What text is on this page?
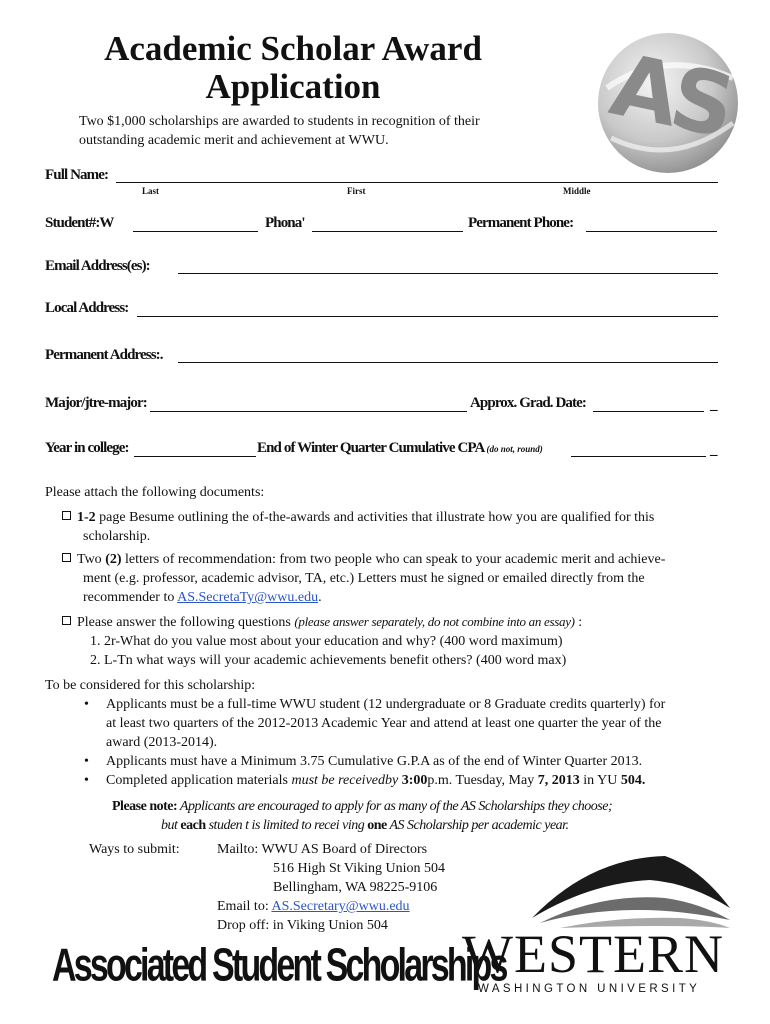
Academic Scholar Award
Application	AS
Two $1,000 scholarships are awarded to students in recognition of their
outstanding academic merit and achievement at WWU.
Full Name:
Last	First	Middle
Student#:W	Phona'	Permanent Phone:
Email Address(es):
Local Address:
Permanent Address:.
Major/jtre-major:	Approx. Grad. Date:	_
Year in college:	End of Winter Quarter Cumulative CPA (do not, round)	_
Please attach the following documents:
1-2 page Besume outlining the of-the-awards and activities that illustrate how you are qualified for this
scholarship.
Two (2) letters of recommendation: from two people who can speak to your academic merit and achieve-
ment (e.g. professor, academic advisor, TA, etc.) Letters must he signed or emailed directly from the
recommender to AS.SecretaTy@wwu.edu.
Please answer the following questions (please answer separately, do not combine into an essay) :
1. 2r-What do you value most about your education and why? (400 word maximum)
2. L-Tn what ways will your academic achievements benefit others? (400 word max)
To be considered for this scholarship:
• Applicants must be a full-time WWU student (12 undergraduate or 8 Graduate credits quarterly) for
at least two quarters of the 2012-2013 Academic Year and attend at least one quarter the year of the
award (2013-2014).
• Applicants must have a Minimum 3.75 Cumulative G.P.A as of the end of Winter Quarter 2013.
• Completed application materials must be receivedby 3:00p.m. Tuesday, May 7, 2013 in YU 504.
Please note: Applicants are encouraged to apply for as many of the AS Scholarships they choose;
but each studen t is limited to recei ving one AS Scholarship per academic year.
Ways to submit:	Mailto: WWU AS Board of Directors
516 High St Viking Union 504
Bellingham, WA 98225-9106
Email to: AS.Secretary@wwu.edu
Drop off: in Viking Union 504
Associated Student Scholarships
WESTERN
WASHINGTON UNIVERSITY
